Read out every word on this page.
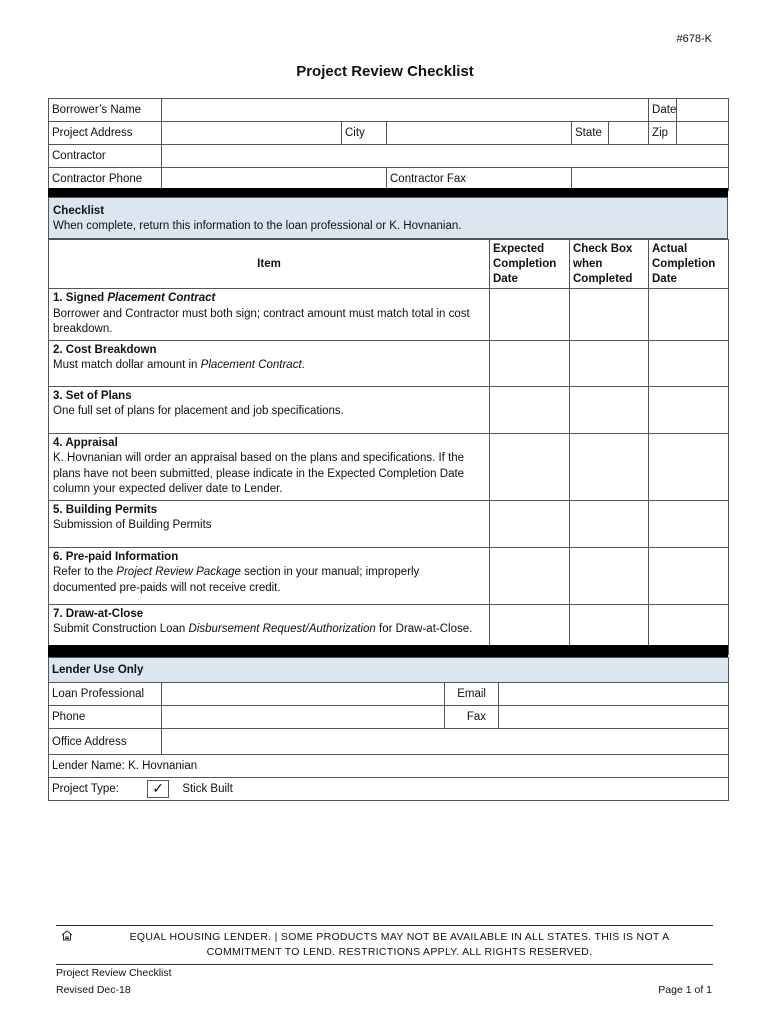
#678-K
Project Review Checklist
Borrower’s Name						Date	
Project Address		City		State		Zip	
Contractor							
Contractor Phone			Contractor Fax				
Checklist
When complete, return this information to the loan professional or K. Hovnanian.
Item	Expected Completion Date	Check Box when Completed	Actual Completion Date
1. Signed Placement Contract
Borrower and Contractor must both sign; contract amount must match total in cost breakdown.			
2. Cost Breakdown
Must match dollar amount in Placement Contract.			
3. Set of Plans
One full set of plans for placement and job specifications.			
4. Appraisal
K. Hovnanian will order an appraisal based on the plans and specifications. If the plans have not been submitted, please indicate in the Expected Completion Date column your expected deliver date to Lender.			
5. Building Permits
Submission of Building Permits			
6. Pre-paid Information
Refer to the Project Review Package section in your manual; improperly documented pre-paids will not receive credit.			
7. Draw-at-Close
Submit Construction Loan Disbursement Request/Authorization for Draw-at-Close.			
Lender Use Only			
Loan Professional		Email	
Phone		Fax	
Office Address			
Lender Name: K. Hovnanian			
Project Type: ✓ Stick Built			
EQUAL HOUSING LENDER. | SOME PRODUCTS MAY NOT BE AVAILABLE IN ALL STATES. THIS IS NOT A
COMMITMENT TO LEND. RESTRICTIONS APPLY. ALL RIGHTS RESERVED.
Project Review Checklist
Revised Dec-18	Page 1 of 1
